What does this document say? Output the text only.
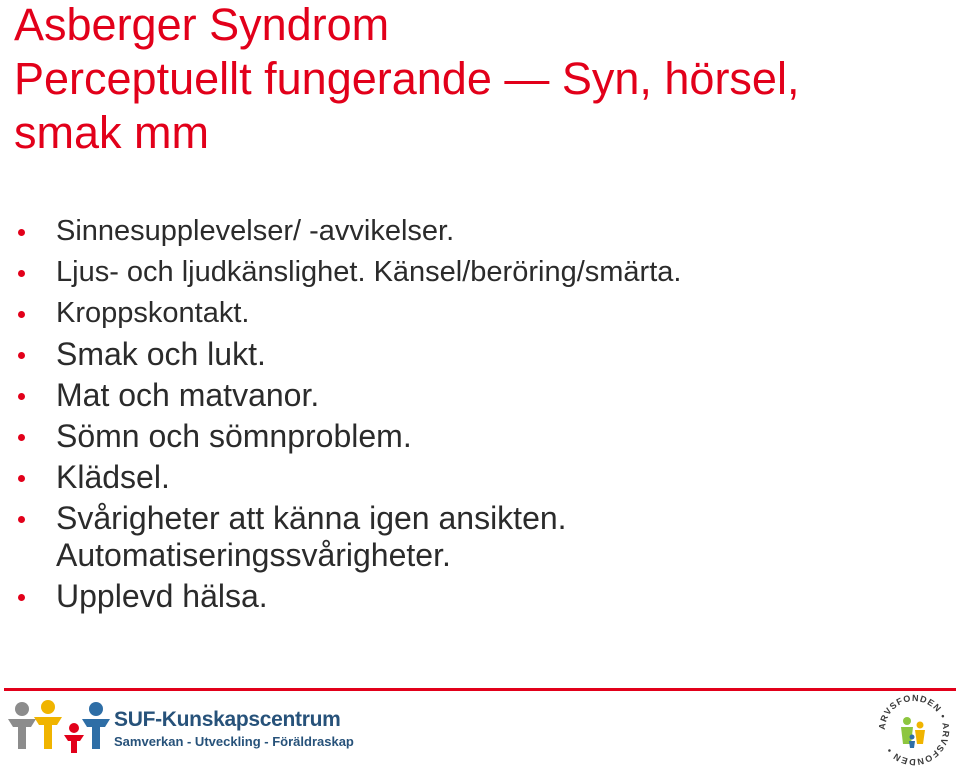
Asberger Syndrom
Perceptuellt fungerande — Syn, hörsel,
smak mm
Sinnesupplevelser/ -avvikelser.
Ljus- och ljudkänslighet. Känsel/beröring/smärta.
Kroppskontakt.
Smak och lukt.
Mat och matvanor.
Sömn och sömnproblem.
Klädsel.
Svårigheter att känna igen ansikten.
Automatiseringssvårigheter.
Upplevd hälsa.
SUF-Kunskapscentrum
Samverkan - Utveckling - Föräldraskap
ARVSFONDEN • ARVSFONDEN •
